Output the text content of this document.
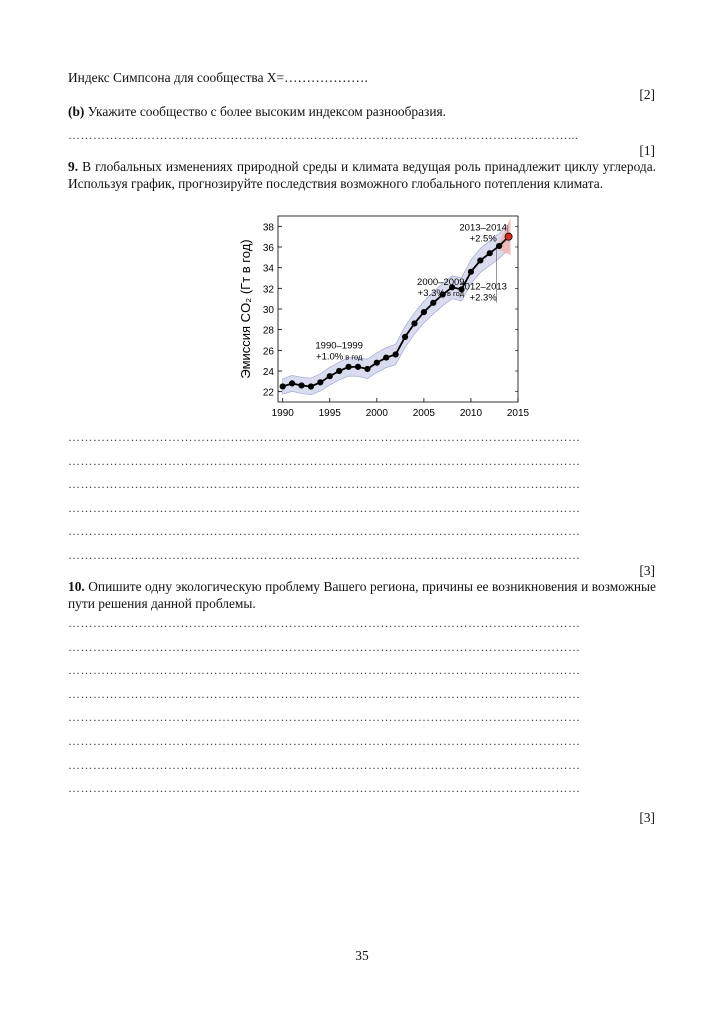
Индекс Симпсона для сообщества X=……………….
[2]
(b) Укажите сообщество с более высоким индексом разнообразия.
…………………………………………………………………………………………………………...
[1]
9. В глобальных изменениях природной среды и климата ведущая роль принадлежит циклу углерода. Используя график, прогнозируйте последствия возможного глобального потепления климата.
22
24
26
28
30
32
34
36
38
1990 1995 2000 2005 2010 2015
Эмиссия CO₂ (Гт в год)	1990–1999
+1.0% в год
2000–2009
+3.3% в год
2013–2014
+2.5%
2012–2013
+2.3%
……………………………………………………………………………………………………………
……………………………………………………………………………………………………………
……………………………………………………………………………………………………………
……………………………………………………………………………………………………………
……………………………………………………………………………………………………………
……………………………………………………………………………………………………………
[3]
10. Опишите одну экологическую проблему Вашего региона, причины ее возникновения и возможные пути решения данной проблемы.
……………………………………………………………………………………………………………
……………………………………………………………………………………………………………
……………………………………………………………………………………………………………
……………………………………………………………………………………………………………
……………………………………………………………………………………………………………
……………………………………………………………………………………………………………
……………………………………………………………………………………………………………
……………………………………………………………………………………………………………
[3]
35
